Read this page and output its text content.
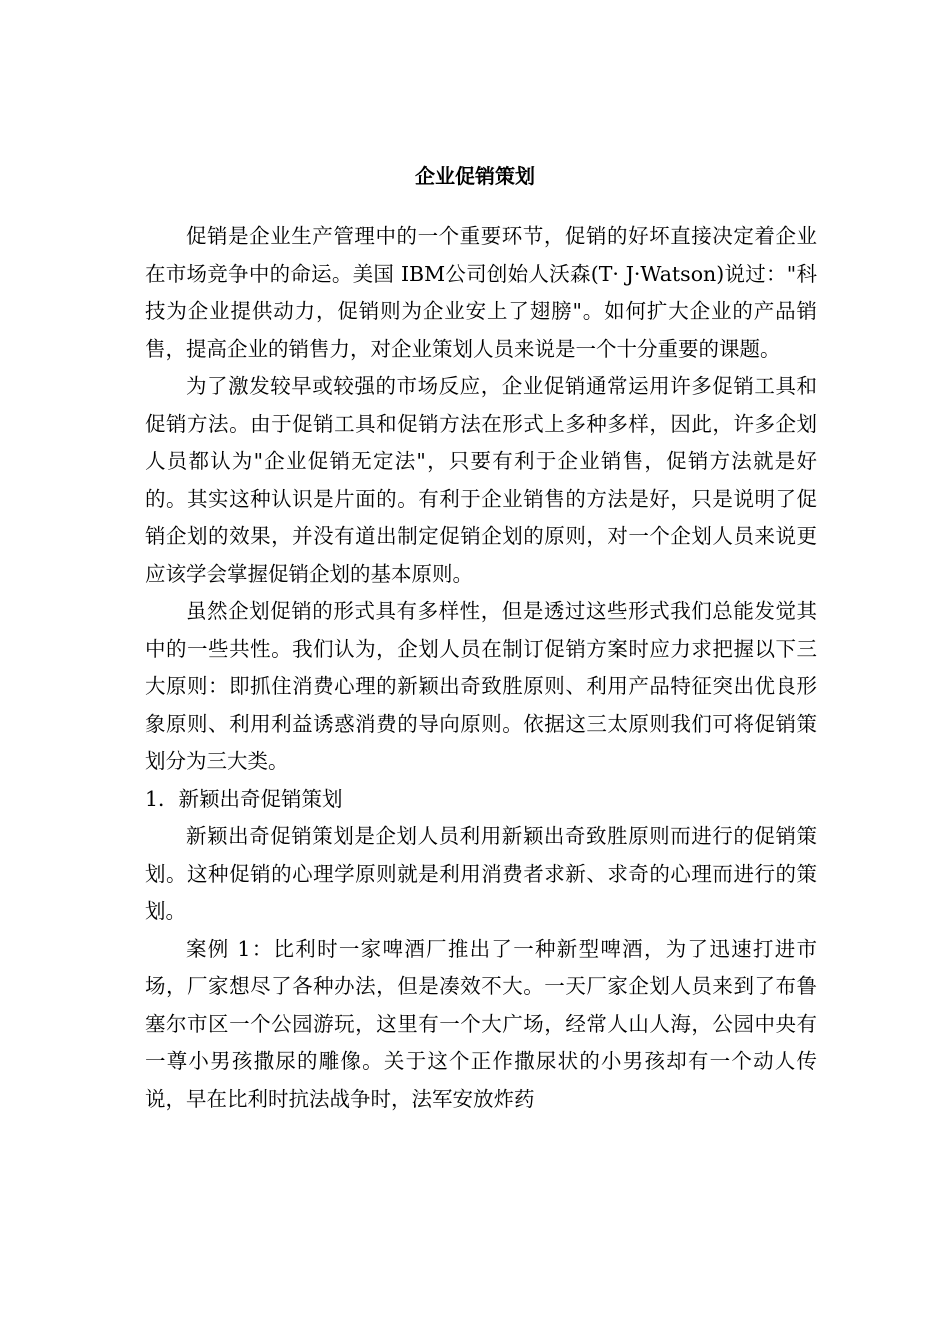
企业促销策划

促销是企业生产管理中的一个重要环节，促销的好坏直接决定着企业在市场竞争中的命运。美国 IBM公司创始人沃森(T· J·Watson)说过："科技为企业提供动力，促销则为企业安上了翅膀"。如何扩大企业的产品销售，提高企业的销售力，对企业策划人员来说是一个十分重要的课题。

为了激发较早或较强的市场反应，企业促销通常运用许多促销工具和促销方法。由于促销工具和促销方法在形式上多种多样，因此，许多企划人员都认为"企业促销无定法"，只要有利于企业销售，促销方法就是好的。其实这种认识是片面的。有利于企业销售的方法是好，只是说明了促销企划的效果，并没有道出制定促销企划的原则，对一个企划人员来说更应该学会掌握促销企划的基本原则。

虽然企划促销的形式具有多样性，但是透过这些形式我们总能发觉其中的一些共性。我们认为，企划人员在制订促销方案时应力求把握以下三大原则：即抓住消费心理的新颖出奇致胜原则、利用产品特征突出优良形象原则、利用利益诱惑消费的导向原则。依据这三太原则我们可将促销策划分为三大类。

1．新颖出奇促销策划

新颖出奇促销策划是企划人员利用新颖出奇致胜原则而进行的促销策划。这种促销的心理学原则就是利用消费者求新、求奇的心理而进行的策划。

案例 1：比利时一家啤酒厂推出了一种新型啤酒，为了迅速打进市场，厂家想尽了各种办法，但是凑效不大。一天厂家企划人员来到了布鲁塞尔市区一个公园游玩，这里有一个大广场，经常人山人海，公园中央有一尊小男孩撒尿的雕像。关于这个正作撒尿状的小男孩却有一个动人传说，早在比利时抗法战争时，法军安放炸药
